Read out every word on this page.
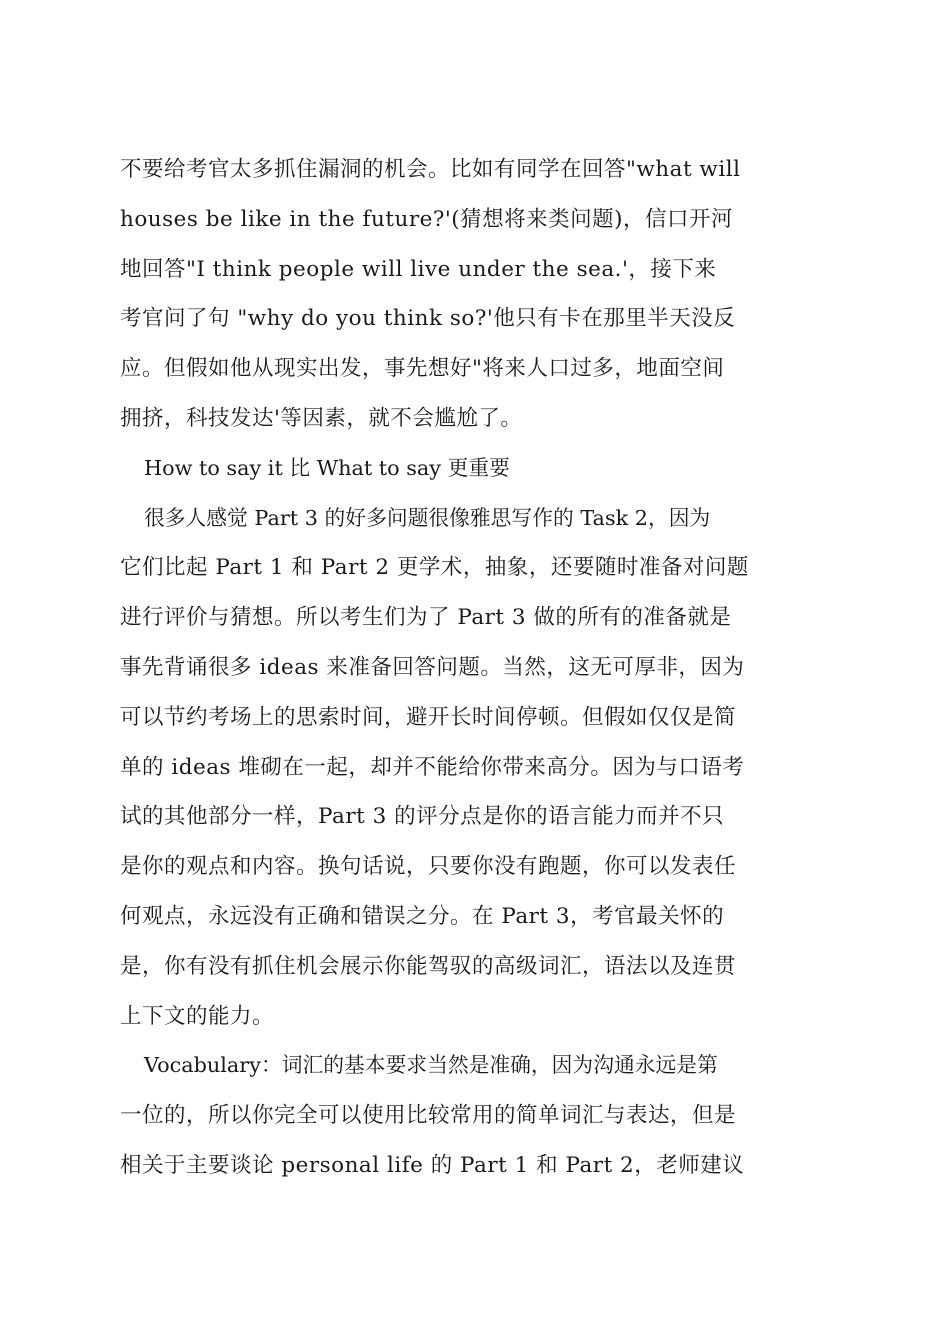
不要给考官太多抓住漏洞的机会。比如有同学在回答"what will
houses be like in the future?'(猜想将来类问题)，信口开河
地回答"I think people will live under the sea.'，接下来
考官问了句 "why do you think so?'他只有卡在那里半天没反
应。但假如他从现实出发，事先想好"将来人口过多，地面空间
拥挤，科技发达'等因素，就不会尴尬了。
How to say it 比 What to say 更重要
很多人感觉 Part 3 的好多问题很像雅思写作的 Task 2，因为
它们比起 Part 1 和 Part 2 更学术，抽象，还要随时准备对问题
进行评价与猜想。所以考生们为了 Part 3 做的所有的准备就是
事先背诵很多 ideas 来准备回答问题。当然，这无可厚非，因为
可以节约考场上的思索时间，避开长时间停顿。但假如仅仅是简
单的 ideas 堆砌在一起，却并不能给你带来高分。因为与口语考
试的其他部分一样，Part 3 的评分点是你的语言能力而并不只
是你的观点和内容。换句话说，只要你没有跑题，你可以发表任
何观点，永远没有正确和错误之分。在 Part 3，考官最关怀的
是，你有没有抓住机会展示你能驾驭的高级词汇，语法以及连贯
上下文的能力。
Vocabulary：词汇的基本要求当然是准确，因为沟通永远是第
一位的，所以你完全可以使用比较常用的简单词汇与表达，但是
相关于主要谈论 personal life 的 Part 1 和 Part 2，老师建议
